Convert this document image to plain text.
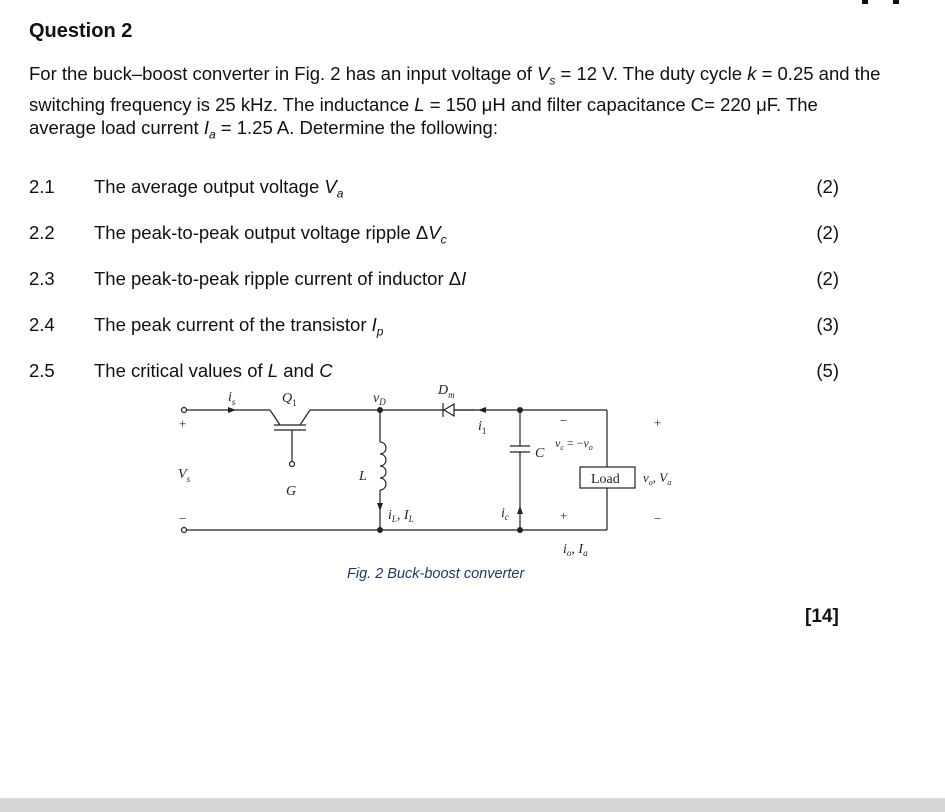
Question 2
For the buck–boost converter in Fig. 2 has an input voltage of $V_s = 12$ V. The duty cycle k = 0.25 and the switching frequency is 25 kHz. The inductance L = 150 μH and filter capacitance C= 220 μF. The average load current $I_a = 1.25$ A. Determine the following:
2.1 The average output voltage $V_a$	(2)
2.2 The peak-to-peak output voltage ripple $\Delta V_c$	(2)
2.3 The peak-to-peak ripple current of inductor ΔI	(2)
2.4 The peak current of the transistor $I_p$	(3)
2.5 The critical values of L and C	(5)
$i_s$	$Q_1$	$v_D$
$D_m$
$i_1$
$V_s$
G
L
$i_L$, $I_L$
C
$v_c = -v_o$
Load $v_o$, $V_a$
$i_c$
$i_o$, $I_a$
+
−
−
+
+
−
Fig. 2 Buck-boost converter
[14]
